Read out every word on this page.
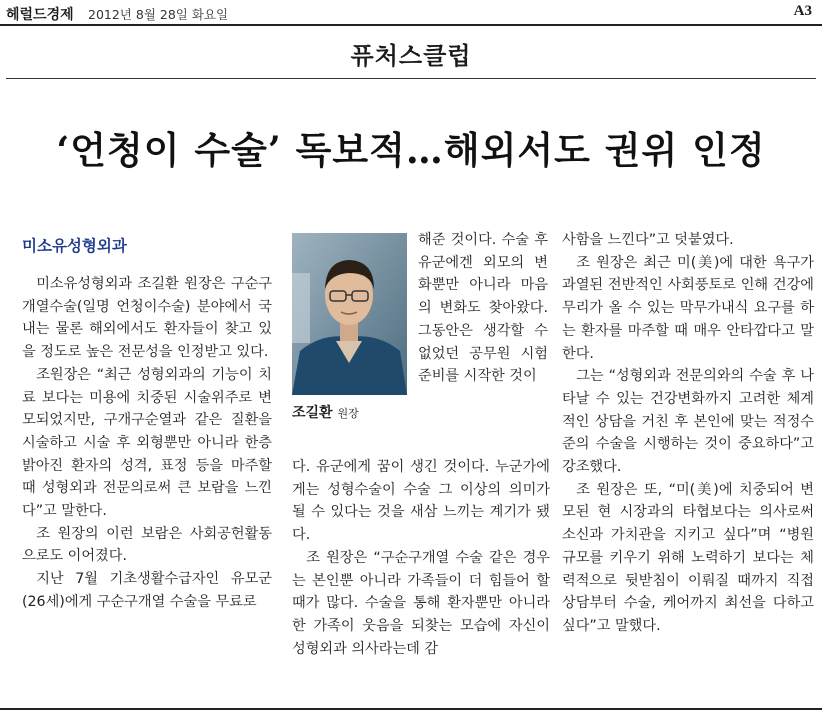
헤럴드경제 2012년 8월 28일 화요일	A3
퓨처스클럽
‘언청이 수술’ 독보적…해외서도 권위 인정
미소유성형외과

미소유성형외과 조길환 원장은 구순구개열수술(일명 언청이수술) 분야에서 국내는 물론 해외에서도 환자들이 찾고 있을 정도로 높은 전문성을 인정받고 있다.

조원장은 “최근 성형외과의 기능이 치료 보다는 미용에 치중된 시술위주로 변모되었지만, 구개구순열과 같은 질환을 시술하고 시술 후 외형뿐만 아니라 한층 밝아진 환자의 성격, 표정 등을 마주할 때 성형외과 전문의로써 큰 보람을 느낀다”고 말한다.

조 원장의 이런 보람은 사회공헌활동으로도 이어졌다.

지난 7월 기초생활수급자인 유모군(26세)에게 구순구개열 수술을 무료로

조길환 원장

해준 것이다. 수술 후 유군에겐 외모의 변화뿐만 아니라 마음의 변화도 찾아왔다. 그동안은 생각할 수 없었던 공무원 시험 준비를 시작한 것이

다. 유군에게 꿈이 생긴 것이다. 누군가에게는 성형수술이 수술 그 이상의 의미가 될 수 있다는 것을 새삼 느끼는 계기가 됐다.

조 원장은 “구순구개열 수술 같은 경우는 본인뿐 아니라 가족들이 더 힘들어 할 때가 많다. 수술을 통해 환자뿐만 아니라 한 가족이 웃음을 되찾는 모습에 자신이 성형외과 의사라는데 감

사함을 느낀다”고 덧붙였다.

조 원장은 최근 미(美)에 대한 욕구가 과열된 전반적인 사회풍토로 인해 건강에 무리가 올 수 있는 막무가내식 요구를 하는 환자를 마주할 때 매우 안타깝다고 말한다.

그는 “성형외과 전문의와의 수술 후 나타날 수 있는 건강변화까지 고려한 체계적인 상담을 거친 후 본인에 맞는 적정수준의 수술을 시행하는 것이 중요하다”고 강조했다.

조 원장은 또, “미(美)에 치중되어 변모된 현 시장과의 타협보다는 의사로써 소신과 가치관을 지키고 싶다”며 “병원 규모를 키우기 위해 노력하기 보다는 체력적으로 뒷받침이 이뤄질 때까지 직접 상담부터 수술, 케어까지 최선을 다하고 싶다”고 말했다.
